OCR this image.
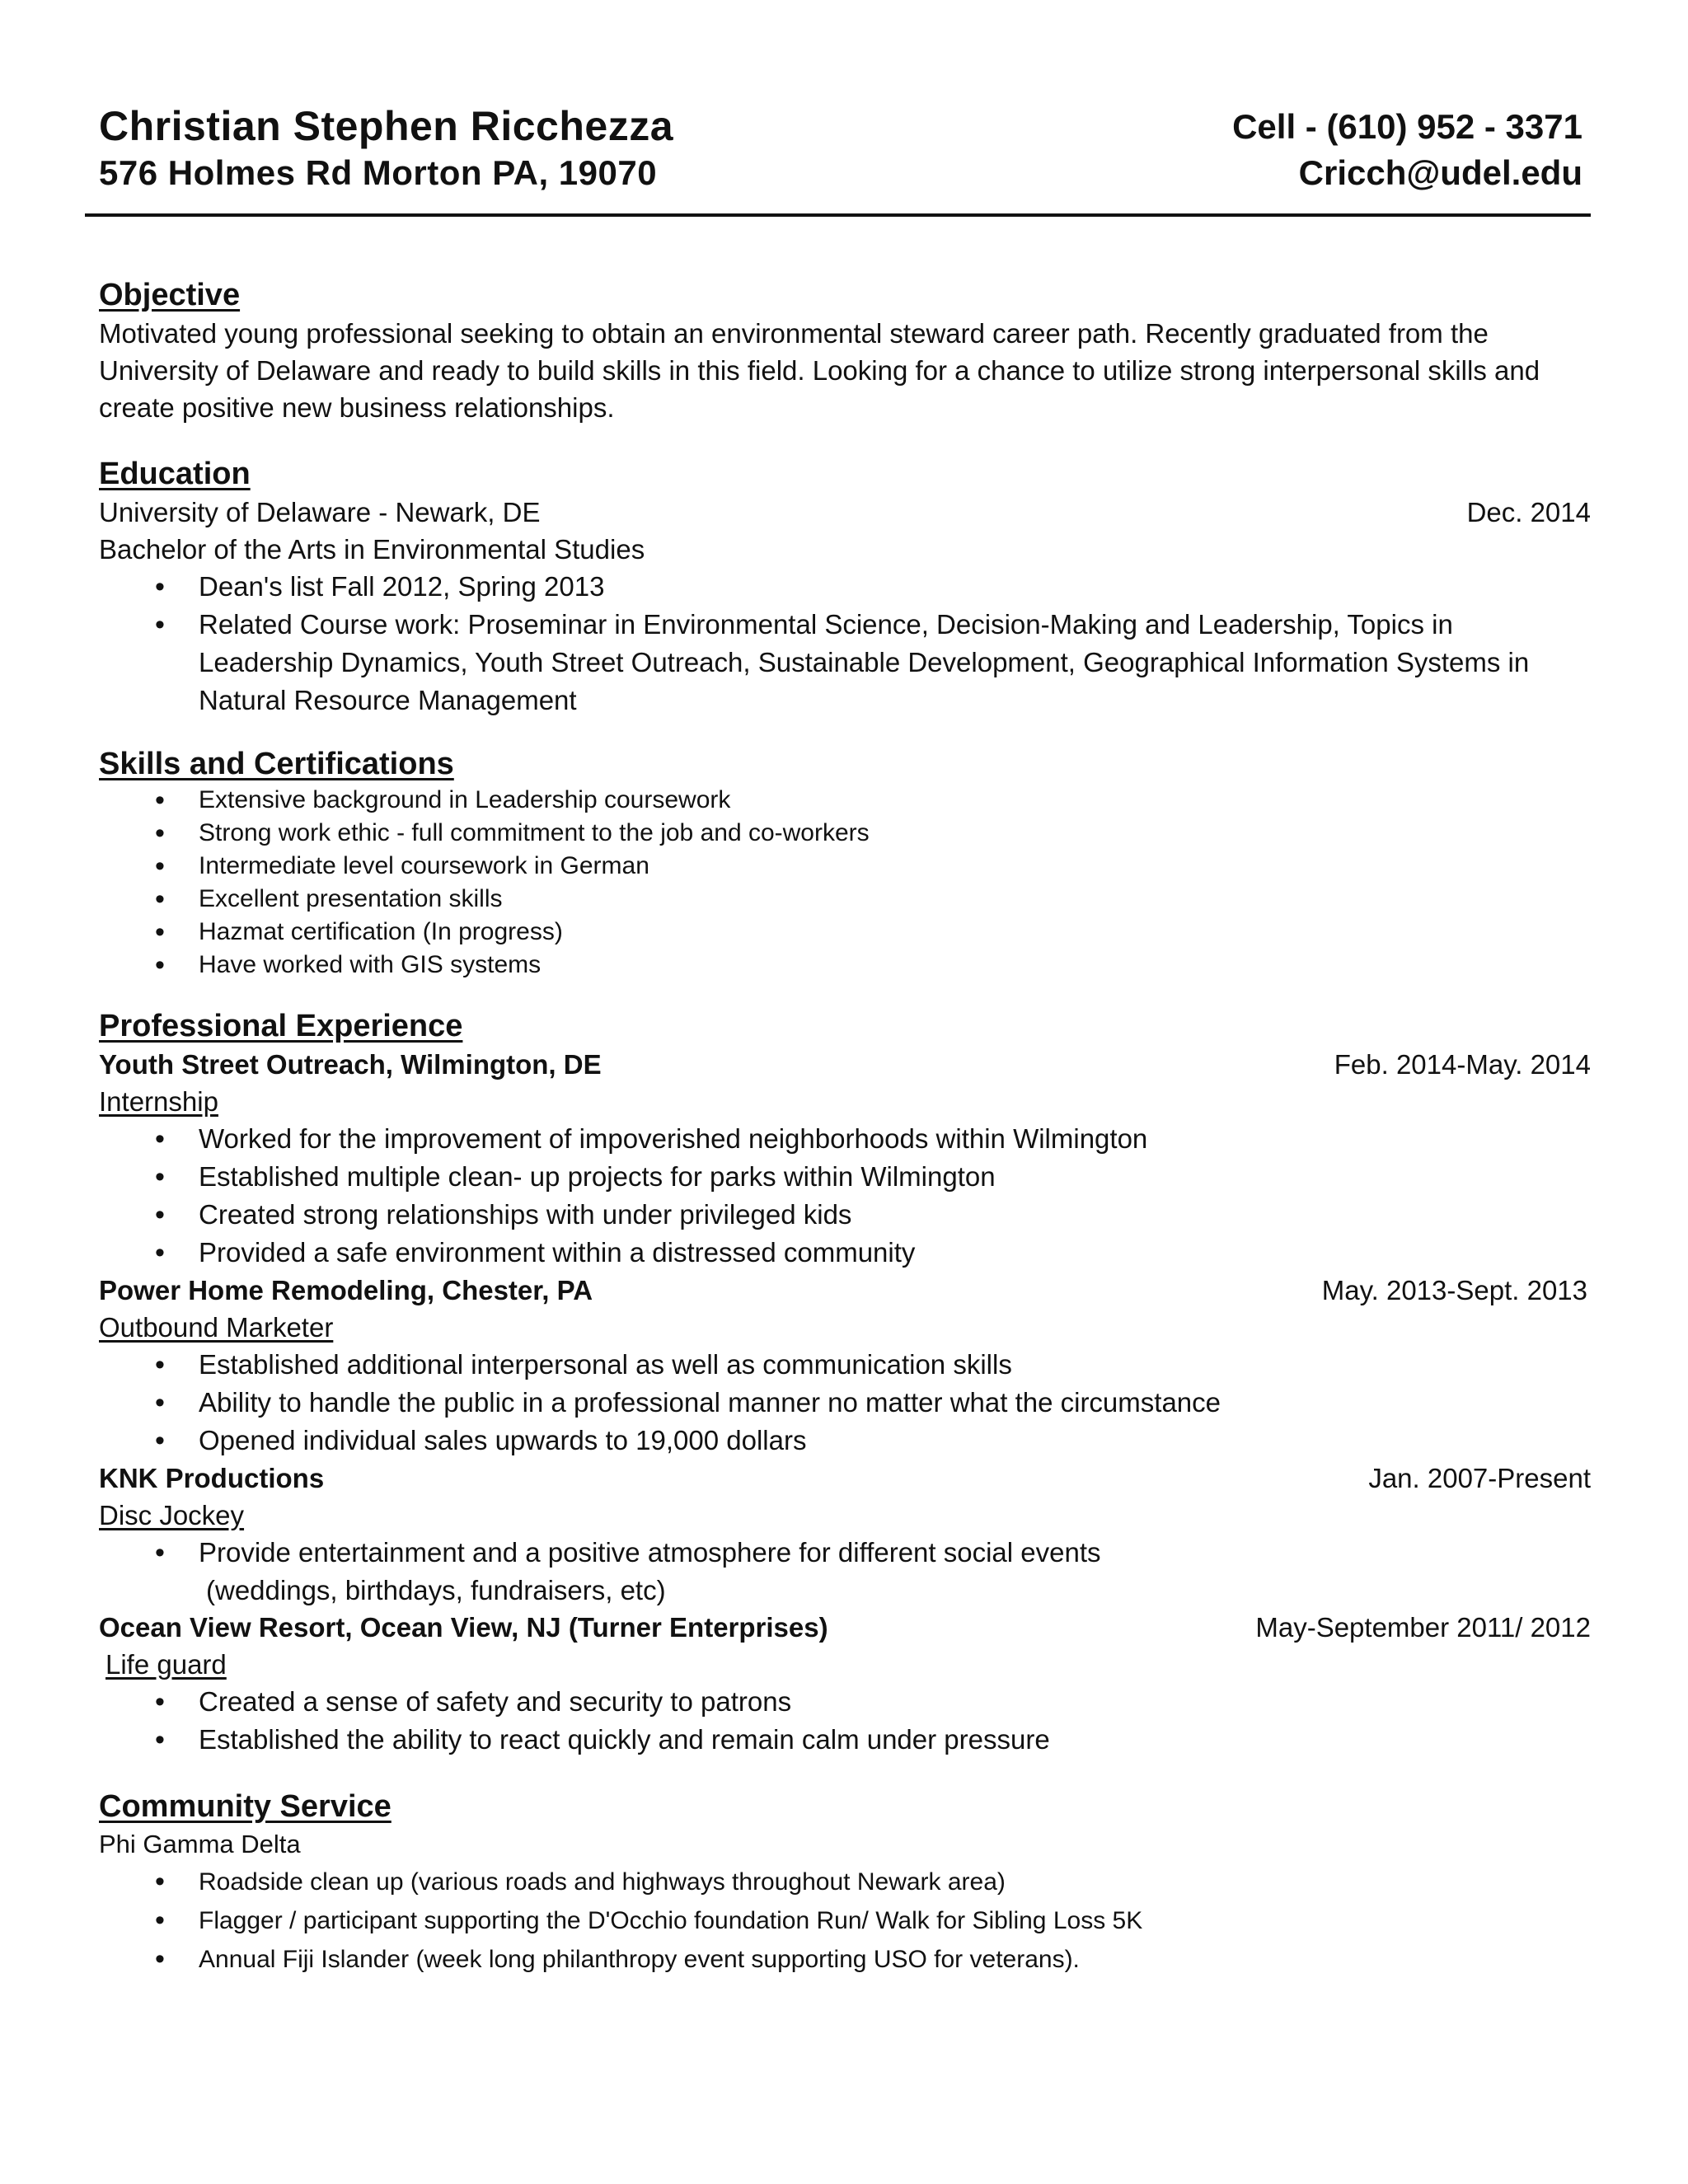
Christian Stephen Ricchezza
576 Holmes Rd Morton PA, 19070
Cell - (610) 952 - 3371
Cricch@udel.edu
Objective
Motivated young professional seeking to obtain an environmental steward career path. Recently graduated from the
University of Delaware and ready to build skills in this field. Looking for a chance to utilize strong interpersonal skills and
create positive new business relationships.
Education
University of Delaware - Newark, DE	Dec. 2014
Bachelor of the Arts in Environmental Studies
• Dean's list Fall 2012, Spring 2013
• Related Course work: Proseminar in Environmental Science, Decision-Making and Leadership, Topics in
Leadership Dynamics, Youth Street Outreach, Sustainable Development, Geographical Information Systems in
Natural Resource Management
Skills and Certifications
• Extensive background in Leadership coursework
• Strong work ethic - full commitment to the job and co-workers
• Intermediate level coursework in German
• Excellent presentation skills
• Hazmat certification (In progress)
• Have worked with GIS systems
Professional Experience
Youth Street Outreach, Wilmington, DE	Feb. 2014-May. 2014
Internship
• Worked for the improvement of impoverished neighborhoods within Wilmington
• Established multiple clean- up projects for parks within Wilmington
• Created strong relationships with under privileged kids
• Provided a safe environment within a distressed community
Power Home Remodeling, Chester, PA	May. 2013-Sept. 2013
Outbound Marketer
• Established additional interpersonal as well as communication skills
• Ability to handle the public in a professional manner no matter what the circumstance
• Opened individual sales upwards to 19,000 dollars
KNK Productions	Jan. 2007-Present
Disc Jockey
• Provide entertainment and a positive atmosphere for different social events
(weddings, birthdays, fundraisers, etc)
Ocean View Resort, Ocean View, NJ (Turner Enterprises)	May-September 2011/ 2012
Life guard
• Created a sense of safety and security to patrons
• Established the ability to react quickly and remain calm under pressure
Community Service
Phi Gamma Delta
• Roadside clean up (various roads and highways throughout Newark area)
• Flagger / participant supporting the D'Occhio foundation Run/ Walk for Sibling Loss 5K
• Annual Fiji Islander (week long philanthropy event supporting USO for veterans).
